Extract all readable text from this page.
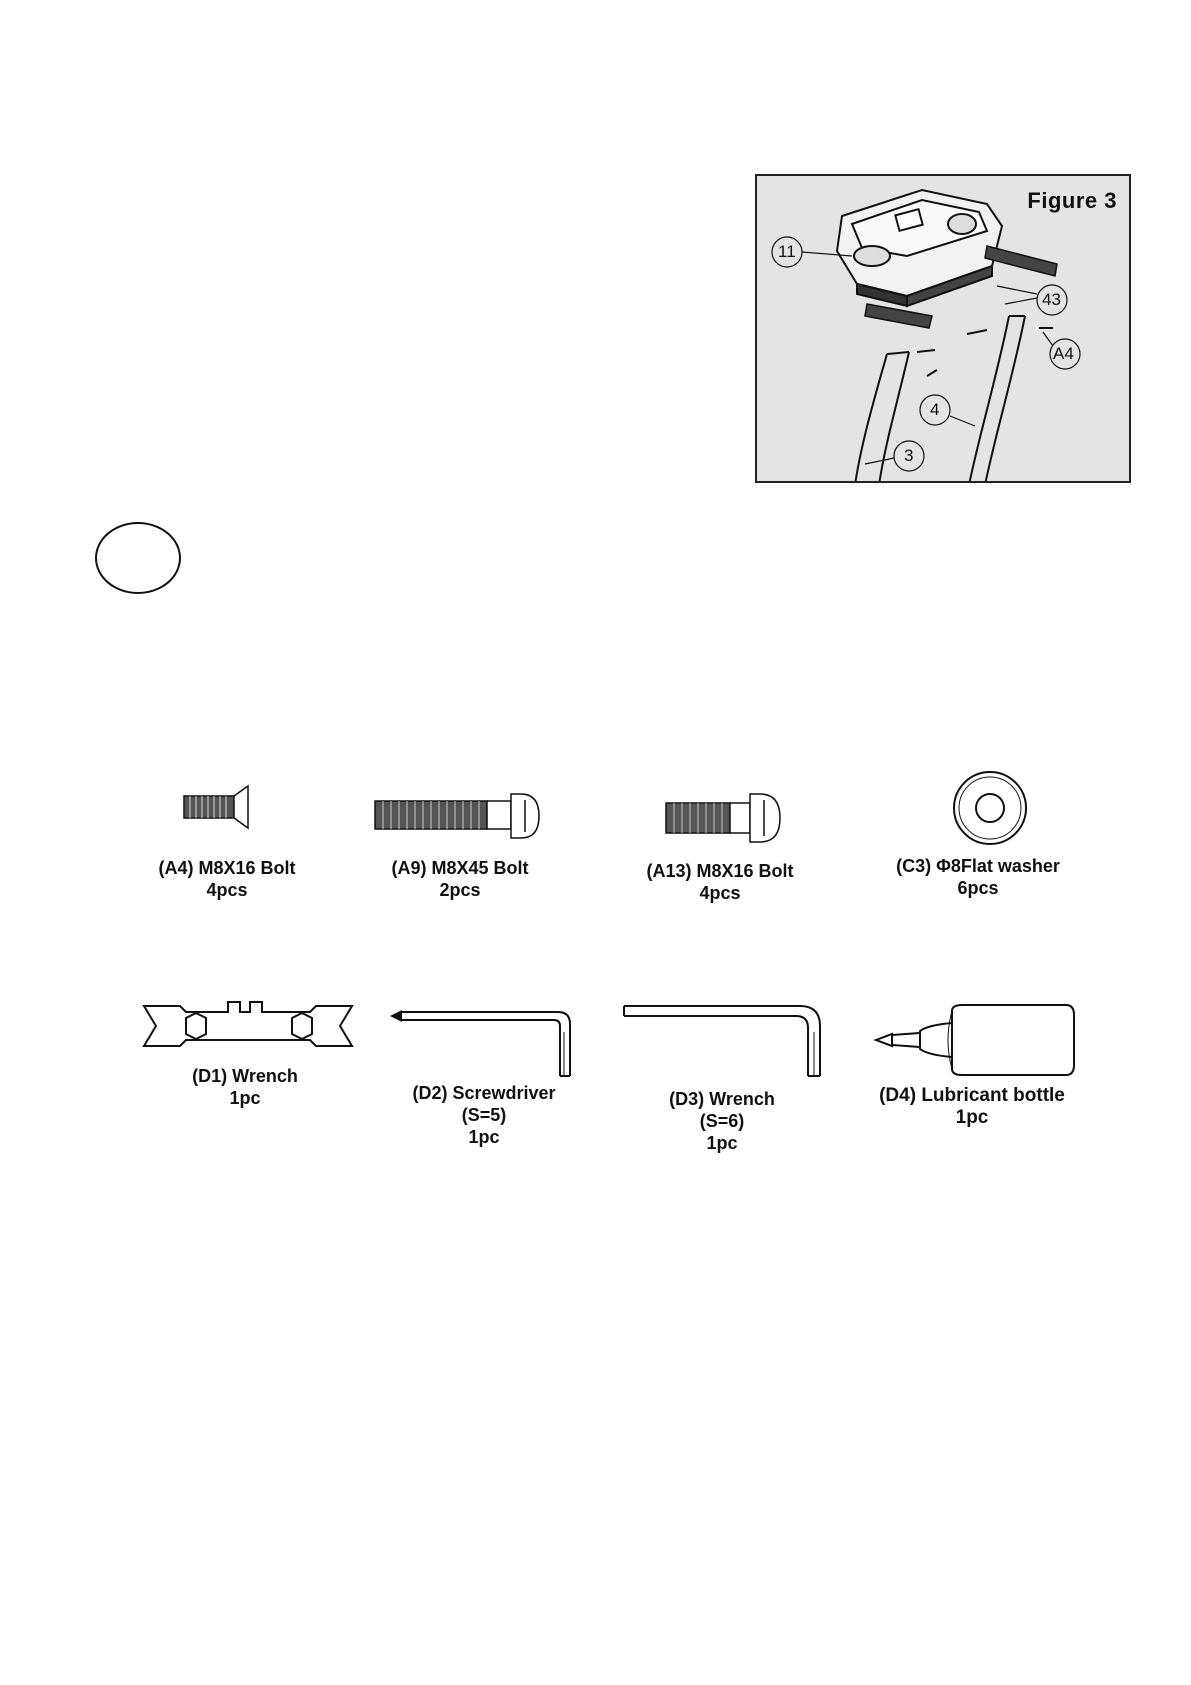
Figure 3
11
43
A4
4
3
(A4) M8X16 Bolt
4pcs
(A9) M8X45 Bolt
2pcs
(A13) M8X16 Bolt
4pcs
(C3) Φ8Flat washer
6pcs
(D1) Wrench
1pc	(D2) Screwdriver
(S=5)
1pc
(D3) Wrench
(S=6)
1pc
(D4) Lubricant bottle
1pc
